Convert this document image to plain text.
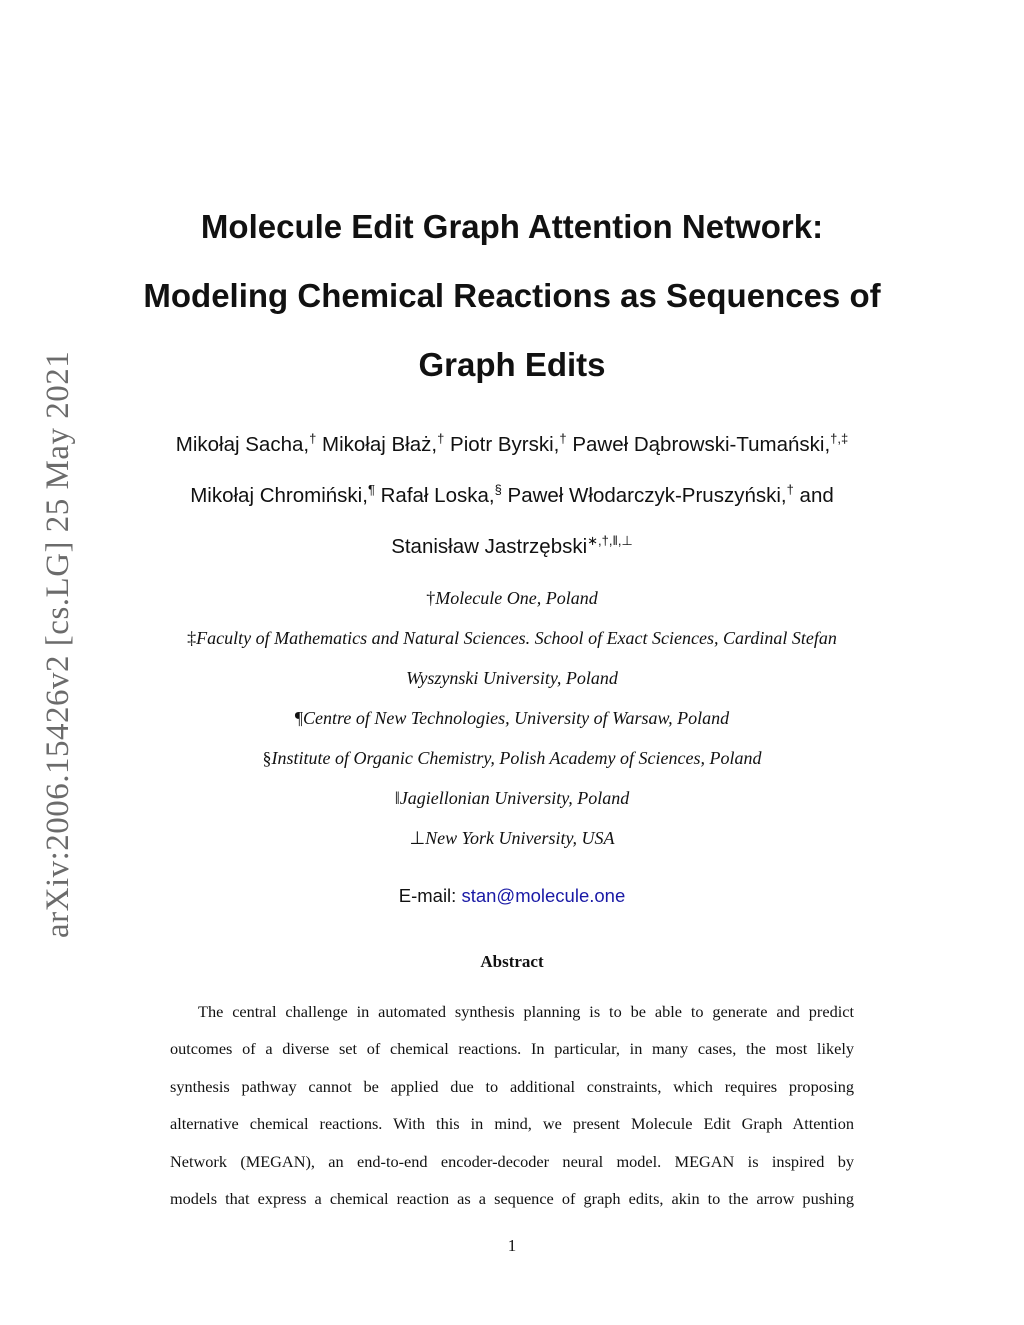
arXiv:2006.15426v2 [cs.LG] 25 May 2021
Molecule Edit Graph Attention Network:
Modeling Chemical Reactions as Sequences of
Graph Edits
Mikołaj Sacha,† Mikołaj Błaż,† Piotr Byrski,† Paweł Dąbrowski-Tumański,†,‡
Mikołaj Chromiński,¶ Rafał Loska,§ Paweł Włodarczyk-Pruszyński,† and
Stanisław Jastrzębski∗,†,‖,⊥
†Molecule One, Poland
‡Faculty of Mathematics and Natural Sciences. School of Exact Sciences, Cardinal Stefan
Wyszynski University, Poland
¶Centre of New Technologies, University of Warsaw, Poland
§Institute of Organic Chemistry, Polish Academy of Sciences, Poland
‖Jagiellonian University, Poland
⊥New York University, USA
E-mail: stan@molecule.one
Abstract
The central challenge in automated synthesis planning is to be able to generate and predict
outcomes of a diverse set of chemical reactions. In particular, in many cases, the most likely
synthesis pathway cannot be applied due to additional constraints, which requires proposing
alternative chemical reactions. With this in mind, we present Molecule Edit Graph Attention
Network (MEGAN), an end-to-end encoder-decoder neural model. MEGAN is inspired by
models that express a chemical reaction as a sequence of graph edits, akin to the arrow pushing
1
